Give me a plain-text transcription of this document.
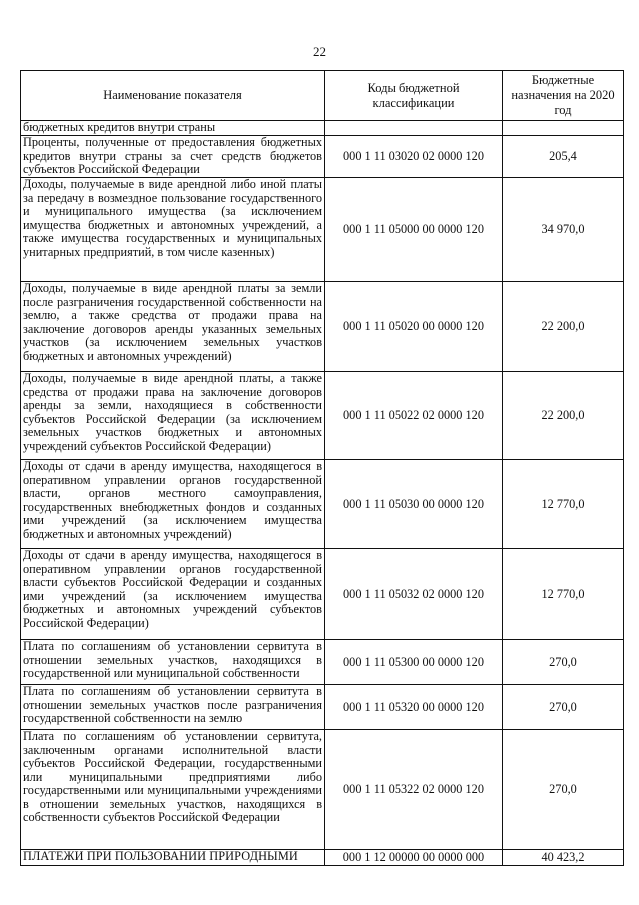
22
Наименование показателя	Коды бюджетной классификации	Бюджетные назначения на 2020 год
бюджетных кредитов внутри страны		
Проценты, полученные от предоставления бюджетных кредитов внутри страны за счет средств бюджетов субъектов Российской Федерации	000 1 11 03020 02 0000 120	205,4
Доходы, получаемые в виде арендной либо иной платы за передачу в возмездное пользование государственного и муниципального имущества (за исключением имущества бюджетных и автономных учреждений, а также имущества государственных и муниципальных унитарных предприятий, в том числе казенных)	000 1 11 05000 00 0000 120	34 970,0
Доходы, получаемые в виде арендной платы за земли после разграничения государственной собственности на землю, а также средства от продажи права на заключение договоров аренды указанных земельных участков (за исключением земельных участков бюджетных и автономных учреждений)	000 1 11 05020 00 0000 120	22 200,0
Доходы, получаемые в виде арендной платы, а также средства от продажи права на заключение договоров аренды за земли, находящиеся в собственности субъектов Российской Федерации (за исключением земельных участков бюджетных и автономных учреждений субъектов Российской Федерации)	000 1 11 05022 02 0000 120	22 200,0
Доходы от сдачи в аренду имущества, находящегося в оперативном управлении органов государственной власти, органов местного самоуправления, государственных внебюджетных фондов и созданных ими учреждений (за исключением имущества бюджетных и автономных учреждений)	000 1 11 05030 00 0000 120	12 770,0
Доходы от сдачи в аренду имущества, находящегося в оперативном управлении органов государственной власти субъектов Российской Федерации и созданных ими учреждений (за исключением имущества бюджетных и автономных учреждений субъектов Российской Федерации)	000 1 11 05032 02 0000 120	12 770,0
Плата по соглашениям об установлении сервитута в отношении земельных участков, находящихся в государственной или муниципальной собственности	000 1 11 05300 00 0000 120	270,0
Плата по соглашениям об установлении сервитута в отношении земельных участков после разграничения государственной собственности на землю	000 1 11 05320 00 0000 120	270,0
Плата по соглашениям об установлении сервитута, заключенным органами исполнительной власти субъектов Российской Федерации, государственными или муниципальными предприятиями либо государственными или муниципальными учреждениями в отношении земельных участков, находящихся в собственности субъектов Российской Федерации	000 1 11 05322 02 0000 120	270,0
ПЛАТЕЖИ ПРИ ПОЛЬЗОВАНИИ ПРИРОДНЫМИ	000 1 12 00000 00 0000 000	40 423,2
